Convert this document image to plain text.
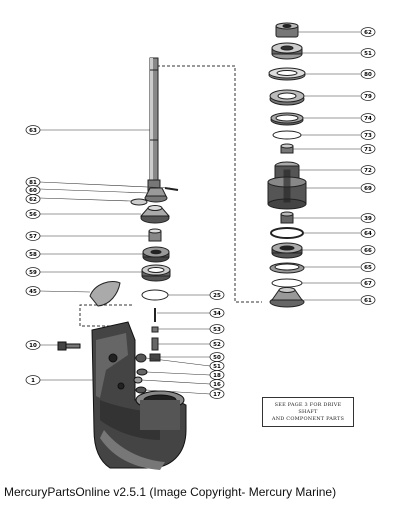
62
51
80
79
74
73
71
72
69
39
64
66
65
67
61
63
81
60
62
56
57
58
59
45
25
34
53
52
50
51
10
1
18
16
17
SEE PAGE 3 FOR DRIVE SHAFT
AND COMPONENT PARTS
MercuryPartsOnline v2.5.1 (Image Copyright- Mercury Marine)
